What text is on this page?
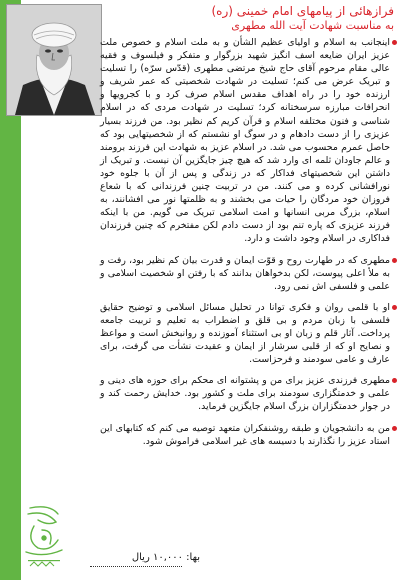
فرازهائی از پیامهای امام خمینی (ره)
به مناسبت شهادت آیت الله مطهری

اینجانب به اسلام و اولیای عظیم الشأن و به ملت اسلام و خصوص ملت عزیز ایران ضایعه اسف انگیز شهید بزرگوار و متفکر و فیلسوف و فقیه عالی مقام مرحوم آقای حاج شیخ مرتضی مطهری (قدّس سرّه) را تسلیت و تبریک عرض می کنم؛ تسلیت در شهادت شخصیتی که عمر شریف و ارزنده خود را در راه اهداف مقدس اسلام صرف کرد و با کجرویها و انحرافات مبارزه سرسختانه کرد؛ تسلیت در شهادت مردی که در اسلام شناسی و فنون مختلفه اسلام و قرآن کریم کم نظیر بود. من فرزند بسیار عزیزی را از دست دادهام و در سوگ او نشستم که از شخصیتهایی بود که حاصل عمرم محسوب می شد. در اسلام عزیز به شهادت این فرزند برومند و عالم جاودان ثلمه ای وارد شد که هیچ چیز جایگزین آن نیست. و تبریک از داشتن این شخصیتهای فداکار که در زندگی و پس از آن با جلوه خود نورافشانی کرده و می کنند. من در تربیت چنین فرزندانی که با شعاع فروزان خود مردگان را حیات می بخشند و به ظلمتها نور می افشانند، به اسلام، بزرگ مربی انسانها و امت اسلامی تبریک می گویم. من با اینکه فرزند عزیزی که پاره تنم بود از دست دادم لکن مفتخرم که چنین فرزندان فداکاری در اسلام وجود داشت و دارد.

مطهری که در طهارت روح و قوّت ایمان و قدرت بیان کم نظیر بود، رفت و به ملأ اعلی پیوست، لکن بدخواهان بدانند که با رفتن او شخصیت اسلامی و علمی و فلسفی اش نمی رود.

او با قلمی روان و فکری توانا در تحلیل مسائل اسلامی و توضیح حقایق فلسفی با زبان مردم و بی قلق و اضطراب به تعلیم و تربیت جامعه پرداخت. آثار قلم و زبان او بی استثناء آموزنده و روانبخش است و مواعظ و نصایح او که از قلبی سرشار از ایمان و عقیدت نشأت می گرفت، برای عارف و عامی سودمند و فرحزاست.

مطهری فرزندی عزیز برای من و پشتوانه ای محکم برای حوزه های دینی و علمی و خدمتگزاری سودمند برای ملت و کشور بود. خدایش رحمت کند و در جوار خدمتگزاران بزرگ اسلام جایگزین فرماید.

من به دانشجویان و طبقه روشنفکران متعهد توصیه می کنم که کتابهای این استاد عزیز را نگذارند با دسیسه های غیر اسلامی فراموش شود.

بها: ۱۰,۰۰۰ ریال
